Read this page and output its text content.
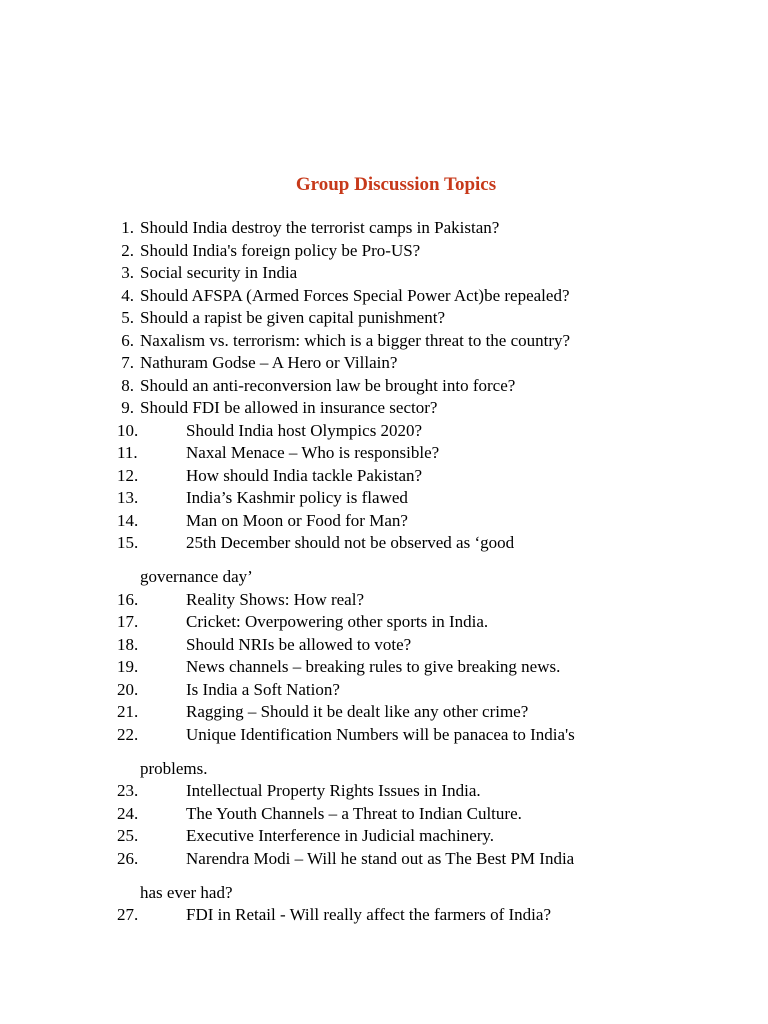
Group Discussion Topics
1. Should India destroy the terrorist camps in Pakistan?
2. Should India's foreign policy be Pro-US?
3. Social security in India
4. Should AFSPA (Armed Forces Special Power Act)be repealed?
5. Should a rapist be given capital punishment?
6. Naxalism vs. terrorism: which is a bigger threat to the country?
7. Nathuram Godse – A Hero or Villain?
8. Should an anti-reconversion law be brought into force?
9. Should FDI be allowed in insurance sector?
10.	Should India host Olympics 2020?
11.	Naxal Menace – Who is responsible?
12.	How should India tackle Pakistan?
13.	India’s Kashmir policy is flawed
14.	Man on Moon or Food for Man?
15.	25th December should not be observed as ‘good
governance day’
16.	Reality Shows: How real?
17.	Cricket: Overpowering other sports in India.
18.	Should NRIs be allowed to vote?
19.	News channels – breaking rules to give breaking news.
20.	Is India a Soft Nation?
21.	Ragging – Should it be dealt like any other crime?
22.	Unique Identification Numbers will be panacea to India's
problems.
23.	Intellectual Property Rights Issues in India.
24.	The Youth Channels – a Threat to Indian Culture.
25.	Executive Interference in Judicial machinery.
26.	Narendra Modi – Will he stand out as The Best PM India
has ever had?
27.	FDI in Retail - Will really affect the farmers of India?
